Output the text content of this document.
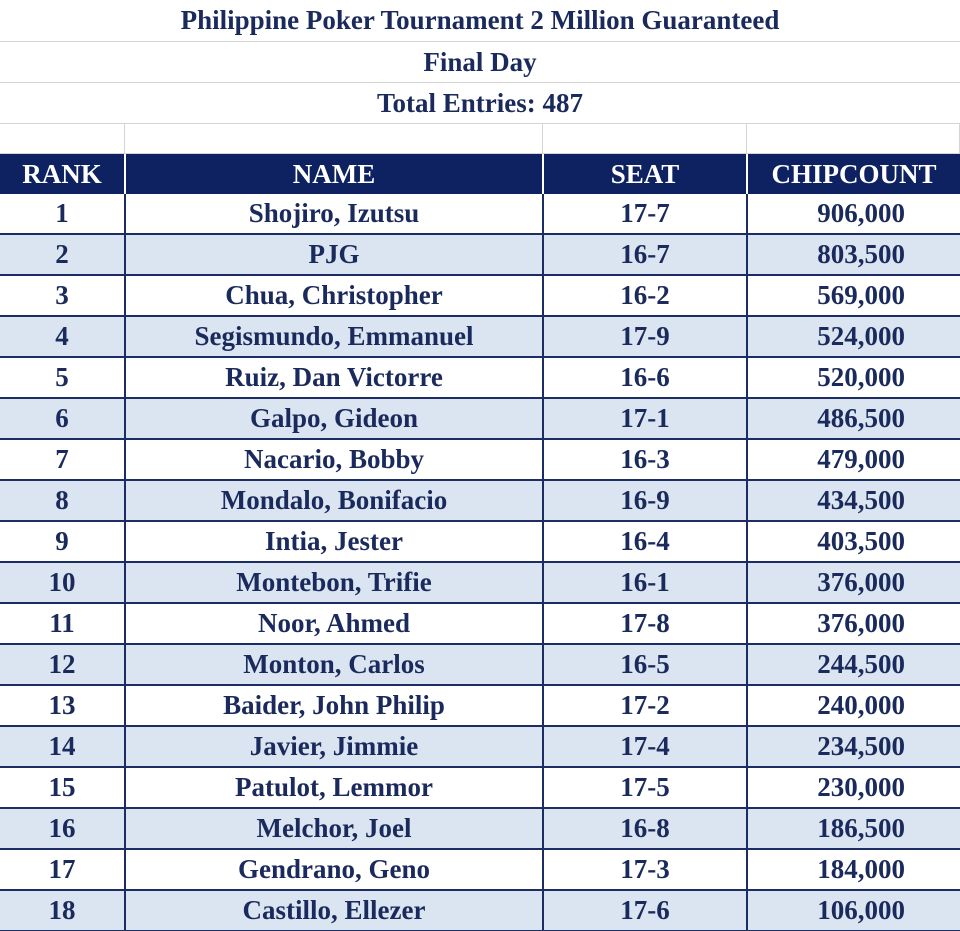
Philippine Poker Tournament 2 Million Guaranteed
Final Day
Total Entries: 487
RANK	NAME	SEAT	CHIPCOUNT
1	Shojiro, Izutsu	17-7	906,000
2	PJG	16-7	803,500
3	Chua, Christopher	16-2	569,000
4	Segismundo, Emmanuel	17-9	524,000
5	Ruiz, Dan Victorre	16-6	520,000
6	Galpo, Gideon	17-1	486,500
7	Nacario, Bobby	16-3	479,000
8	Mondalo, Bonifacio	16-9	434,500
9	Intia, Jester	16-4	403,500
10	Montebon, Trifie	16-1	376,000
11	Noor, Ahmed	17-8	376,000
12	Monton, Carlos	16-5	244,500
13	Baider, John Philip	17-2	240,000
14	Javier, Jimmie	17-4	234,500
15	Patulot, Lemmor	17-5	230,000
16	Melchor, Joel	16-8	186,500
17	Gendrano, Geno	17-3	184,000
18	Castillo, Ellezer	17-6	106,000
